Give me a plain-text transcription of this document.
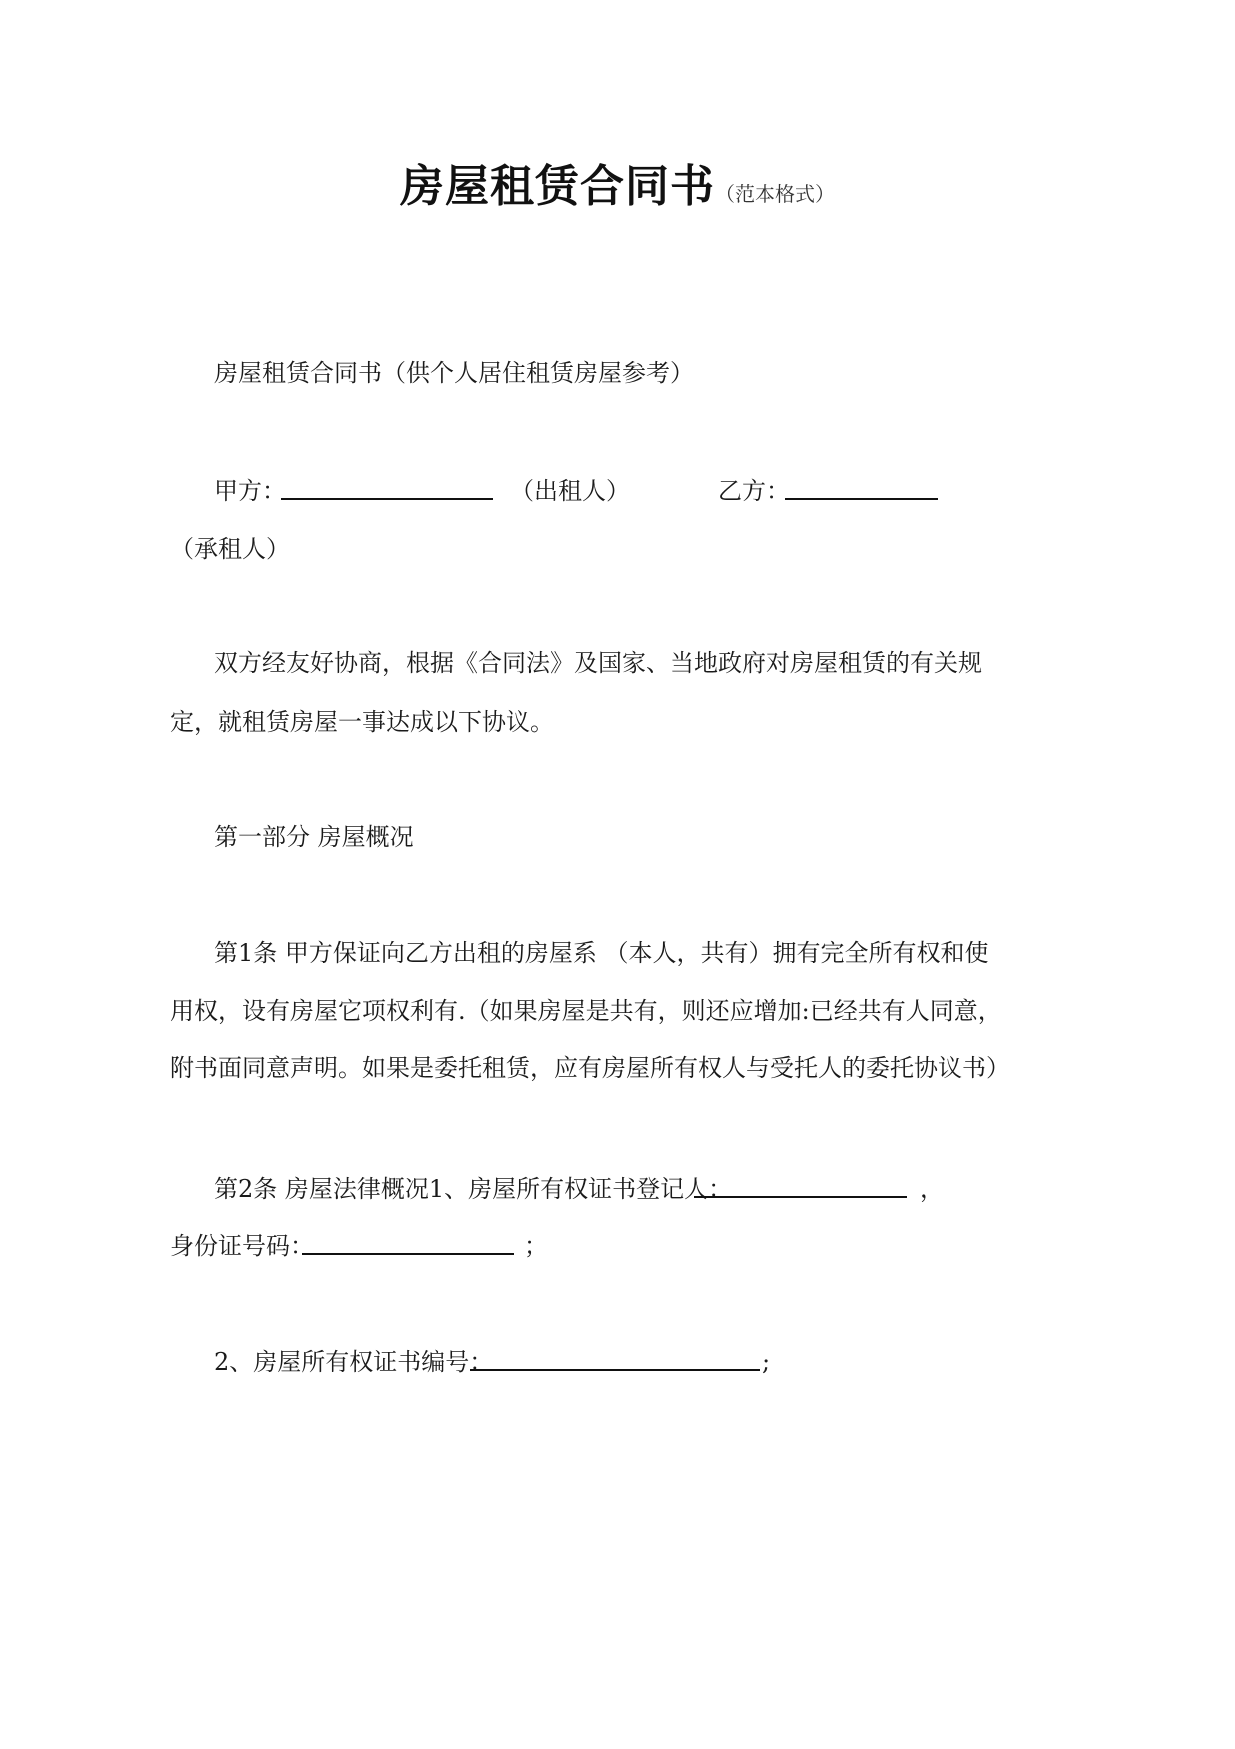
房屋租赁合同书（范本格式）
房屋租赁合同书（供个人居住租赁房屋参考）
甲方：	（出租人）	乙方：
（承租人）
双方经友好协商，根据《合同法》及国家、当地政府对房屋租赁的有关规
定，就租赁房屋一事达成以下协议。
第一部分 房屋概况
第1条 甲方保证向乙方出租的房屋系 （本人，共有）拥有完全所有权和使
用权，设有房屋它项权利有.（如果房屋是共有，则还应增加:已经共有人同意，
附书面同意声明。如果是委托租赁，应有房屋所有权人与受托人的委托协议书）
第2条 房屋法律概况1、房屋所有权证书登记人：	，
身份证号码：	；
2、房屋所有权证书编号：	;
